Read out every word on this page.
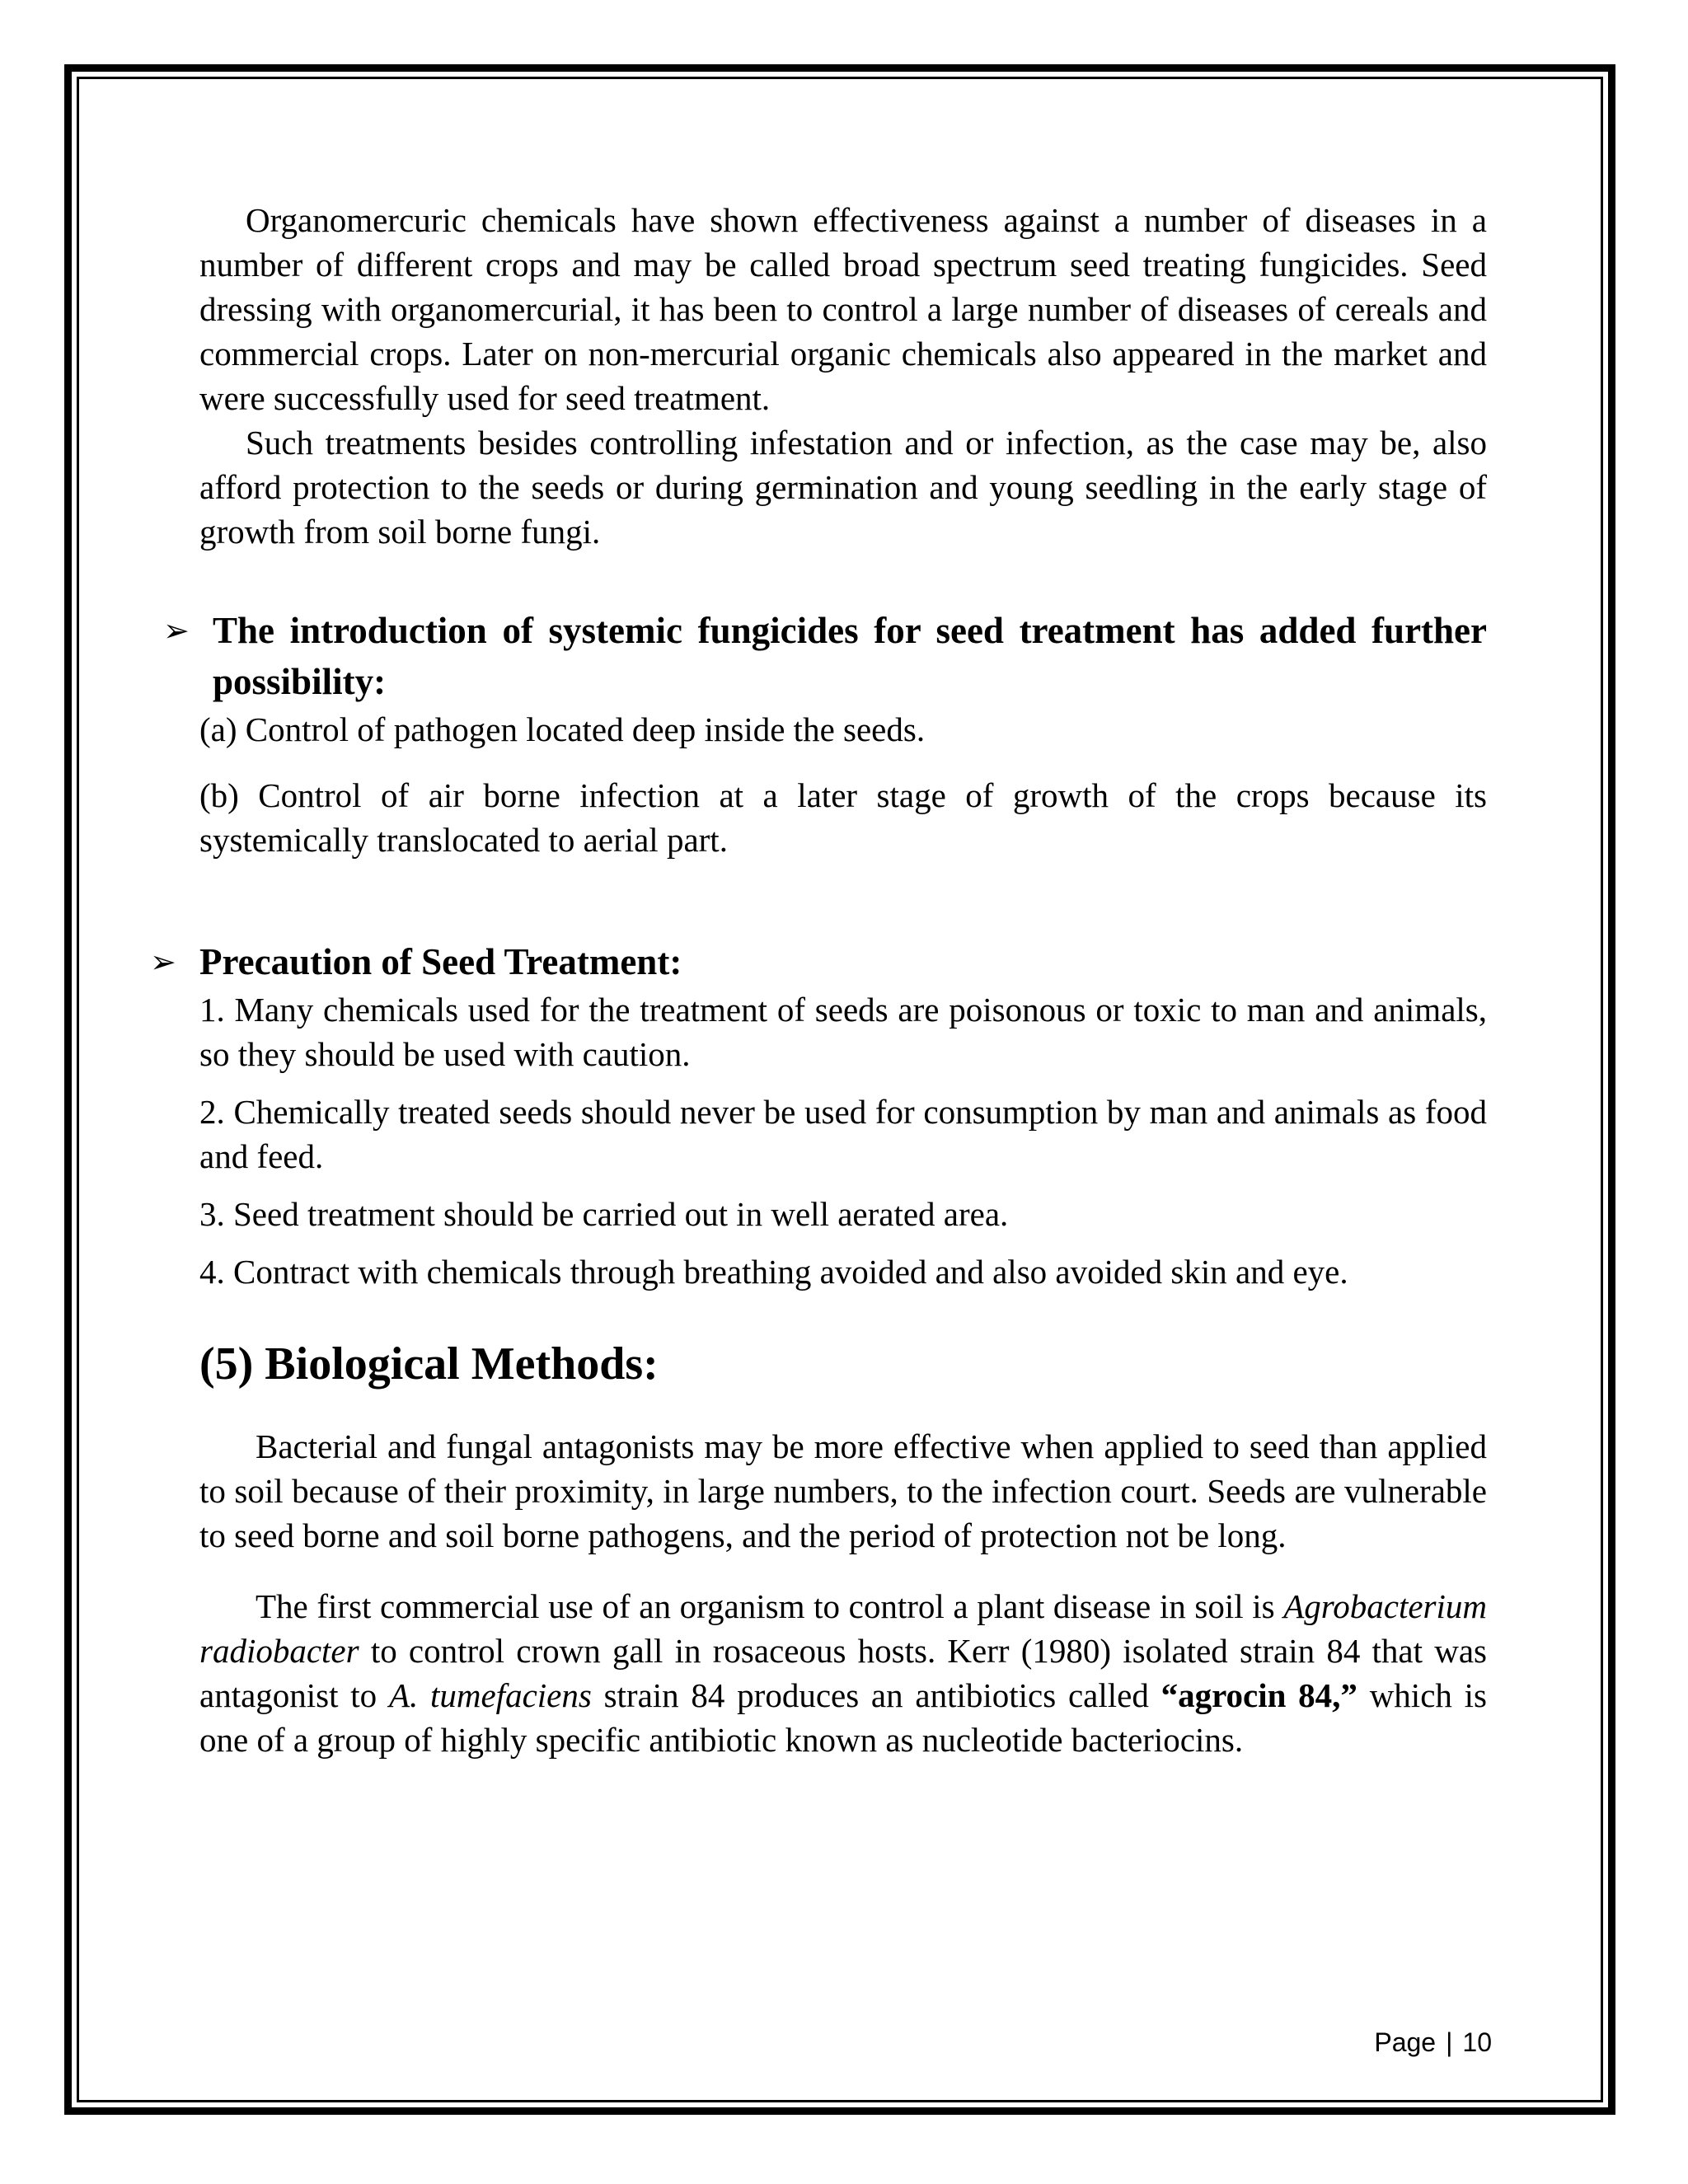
Organomercuric chemicals have shown effectiveness against a number of diseases in a number of different crops and may be called broad spectrum seed treating fungicides. Seed dressing with organomercurial, it has been to control a large number of diseases of cereals and commercial crops. Later on non-mercurial organic chemicals also appeared in the market and were successfully used for seed treatment.

Such treatments besides controlling infestation and or infection, as the case may be, also afford protection to the seeds or during germination and young seedling in the early stage of growth from soil borne fungi.

➢ The introduction of systemic fungicides for seed treatment has added further possibility:

(a) Control of pathogen located deep inside the seeds.

(b) Control of air borne infection at a later stage of growth of the crops because its systemically translocated to aerial part.

➢ Precaution of Seed Treatment:

1. Many chemicals used for the treatment of seeds are poisonous or toxic to man and animals, so they should be used with caution.

2. Chemically treated seeds should never be used for consumption by man and animals as food and feed.

3. Seed treatment should be carried out in well aerated area.

4. Contract with chemicals through breathing avoided and also avoided skin and eye.

(5) Biological Methods:

Bacterial and fungal antagonists may be more effective when applied to seed than applied to soil because of their proximity, in large numbers, to the infection court. Seeds are vulnerable to seed borne and soil borne pathogens, and the period of protection not be long.

The first commercial use of an organism to control a plant disease in soil is Agrobacterium radiobacter to control crown gall in rosaceous hosts. Kerr (1980) isolated strain 84 that was antagonist to A. tumefaciens strain 84 produces an antibiotics called “agrocin 84,” which is one of a group of highly specific antibiotic known as nucleotide bacteriocins.

Page | 10
